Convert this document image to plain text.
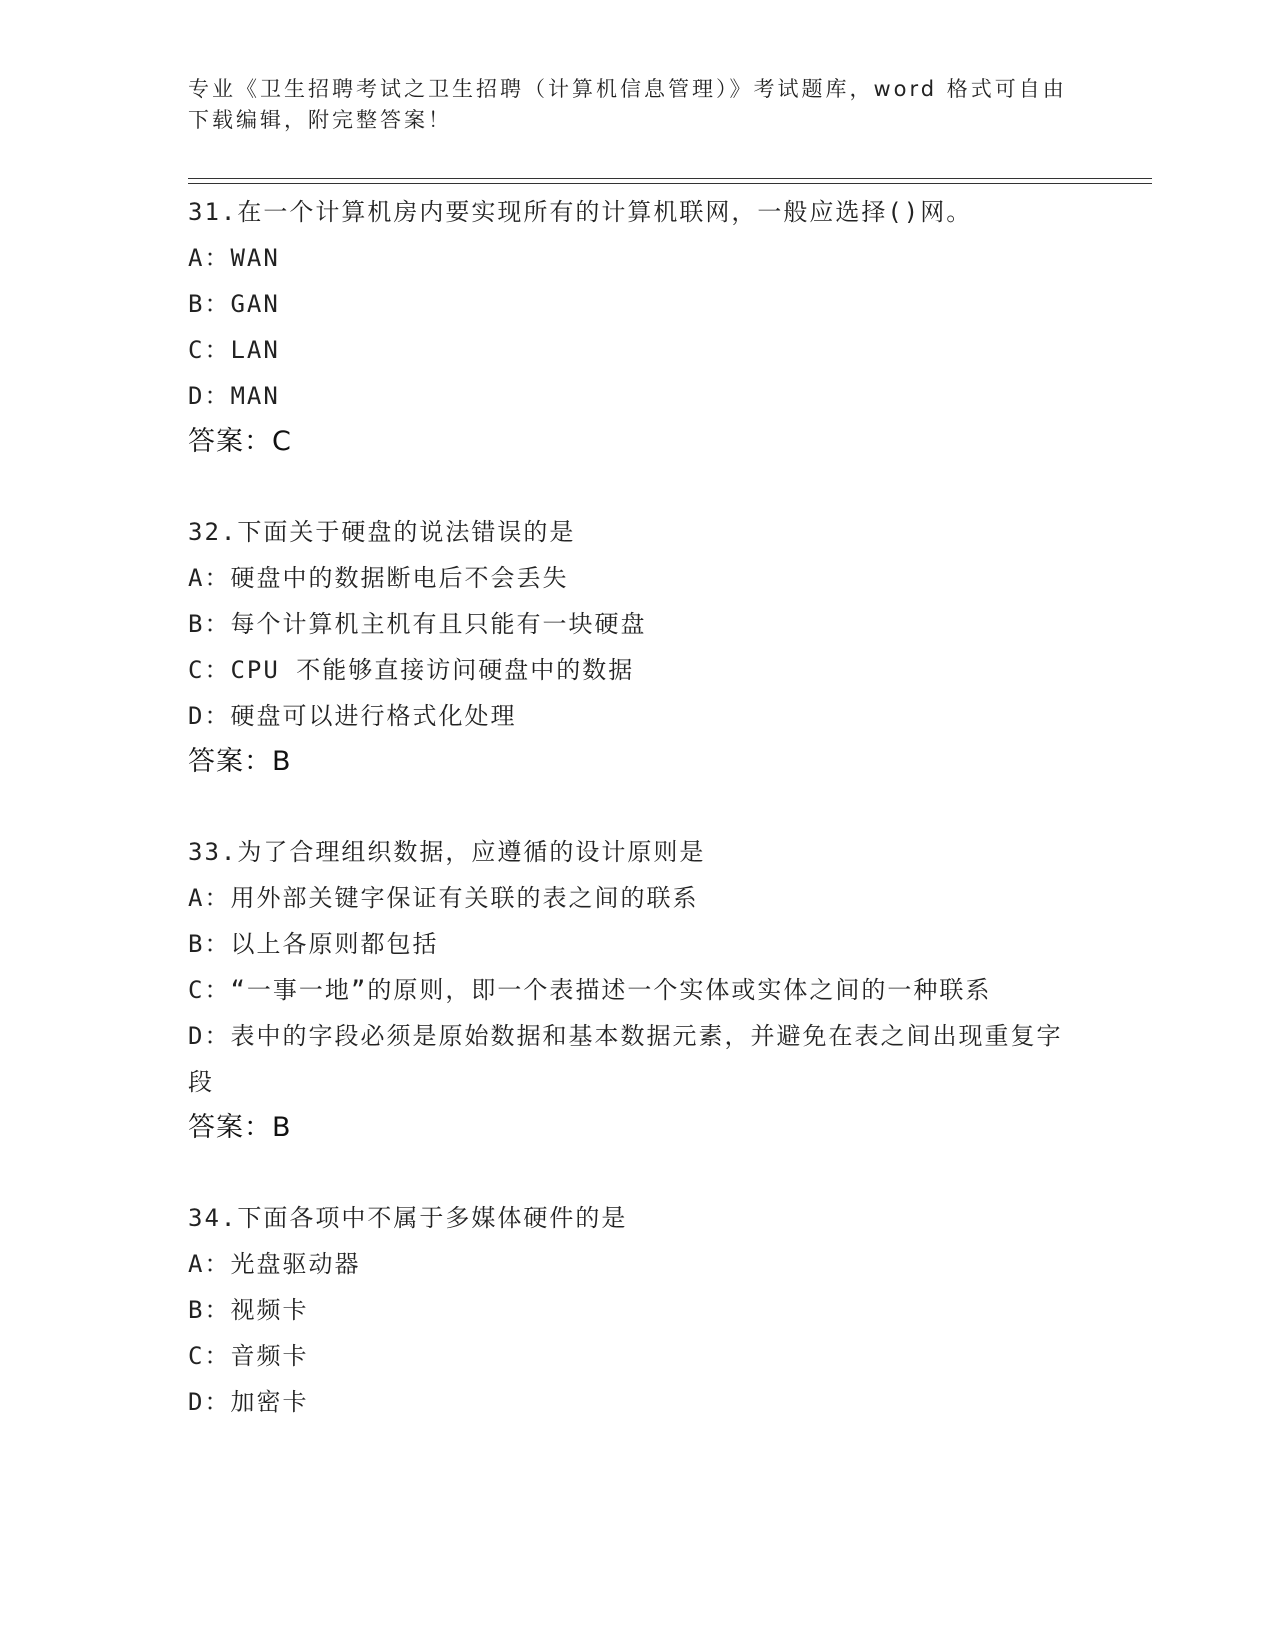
专业《卫生招聘考试之卫生招聘（计算机信息管理）》考试题库，word 格式可自由下载编辑，附完整答案！
31.在一个计算机房内要实现所有的计算机联网，一般应选择()网。
A：WAN
B：GAN
C：LAN
D：MAN
答案：C
32.下面关于硬盘的说法错误的是
A：硬盘中的数据断电后不会丢失
B：每个计算机主机有且只能有一块硬盘
C：CPU 不能够直接访问硬盘中的数据
D：硬盘可以进行格式化处理
答案：B
33.为了合理组织数据，应遵循的设计原则是
A：用外部关键字保证有关联的表之间的联系
B：以上各原则都包括
C：“一事一地”的原则，即一个表描述一个实体或实体之间的一种联系
D：表中的字段必须是原始数据和基本数据元素，并避免在表之间出现重复字段
答案：B
34.下面各项中不属于多媒体硬件的是
A：光盘驱动器
B：视频卡
C：音频卡
D：加密卡
